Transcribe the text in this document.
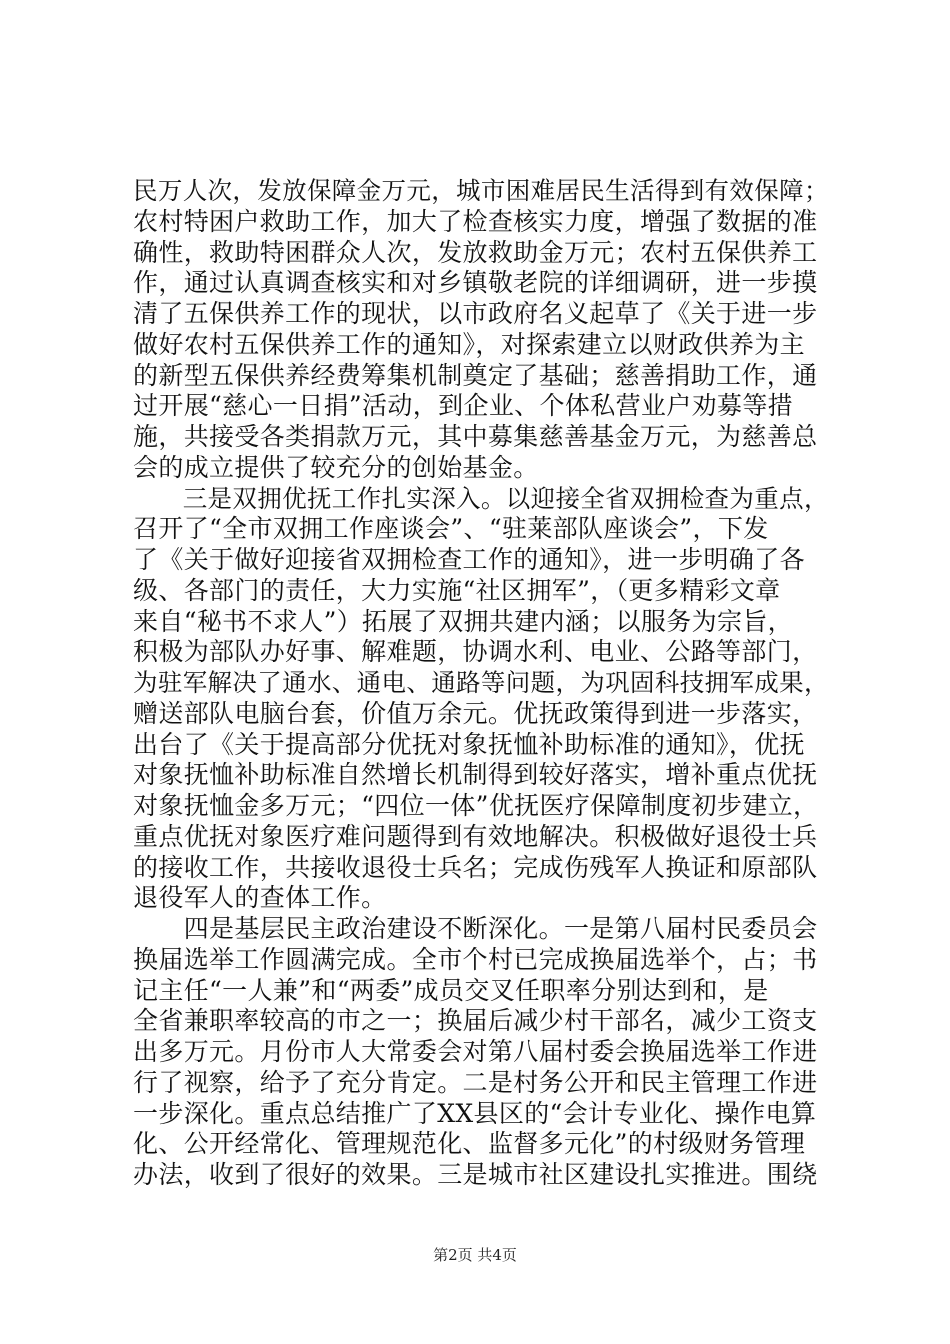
民万人次，发放保障金万元，城市困难居民生活得到有效保障；
农村特困户救助工作，加大了检查核实力度，增强了数据的准
确性，救助特困群众人次，发放救助金万元；农村五保供养工
作，通过认真调查核实和对乡镇敬老院的详细调研，进一步摸
清了五保供养工作的现状，以市政府名义起草了《关于进一步
做好农村五保供养工作的通知》，对探索建立以财政供养为主
的新型五保供养经费筹集机制奠定了基础；慈善捐助工作，通
过开展“慈心一日捐”活动，到企业、个体私营业户劝募等措
施，共接受各类捐款万元，其中募集慈善基金万元，为慈善总
会的成立提供了较充分的创始基金。
　　三是双拥优抚工作扎实深入。以迎接全省双拥检查为重点，
召开了“全市双拥工作座谈会”、“驻莱部队座谈会”，下发
了《关于做好迎接省双拥检查工作的通知》，进一步明确了各
级、各部门的责任，大力实施“社区拥军”，（更多精彩文章
来自“秘书不求人”）拓展了双拥共建内涵；以服务为宗旨，
积极为部队办好事、解难题，协调水利、电业、公路等部门，
为驻军解决了通水、通电、通路等问题，为巩固科技拥军成果，
赠送部队电脑台套，价值万余元。优抚政策得到进一步落实，
出台了《关于提高部分优抚对象抚恤补助标准的通知》，优抚
对象抚恤补助标准自然增长机制得到较好落实，增补重点优抚
对象抚恤金多万元；“四位一体”优抚医疗保障制度初步建立，
重点优抚对象医疗难问题得到有效地解决。积极做好退役士兵
的接收工作，共接收退役士兵名；完成伤残军人换证和原部队
退役军人的查体工作。
　　四是基层民主政治建设不断深化。一是第八届村民委员会
换届选举工作圆满完成。全市个村已完成换届选举个，占；书
记主任“一人兼”和“两委”成员交叉任职率分别达到和，是
全省兼职率较高的市之一；换届后减少村干部名，减少工资支
出多万元。月份市人大常委会对第八届村委会换届选举工作进
行了视察，给予了充分肯定。二是村务公开和民主管理工作进
一步深化。重点总结推广了XX县区的“会计专业化、操作电算
化、公开经常化、管理规范化、监督多元化”的村级财务管理
办法，收到了很好的效果。三是城市社区建设扎实推进。围绕
第2页 共4页
